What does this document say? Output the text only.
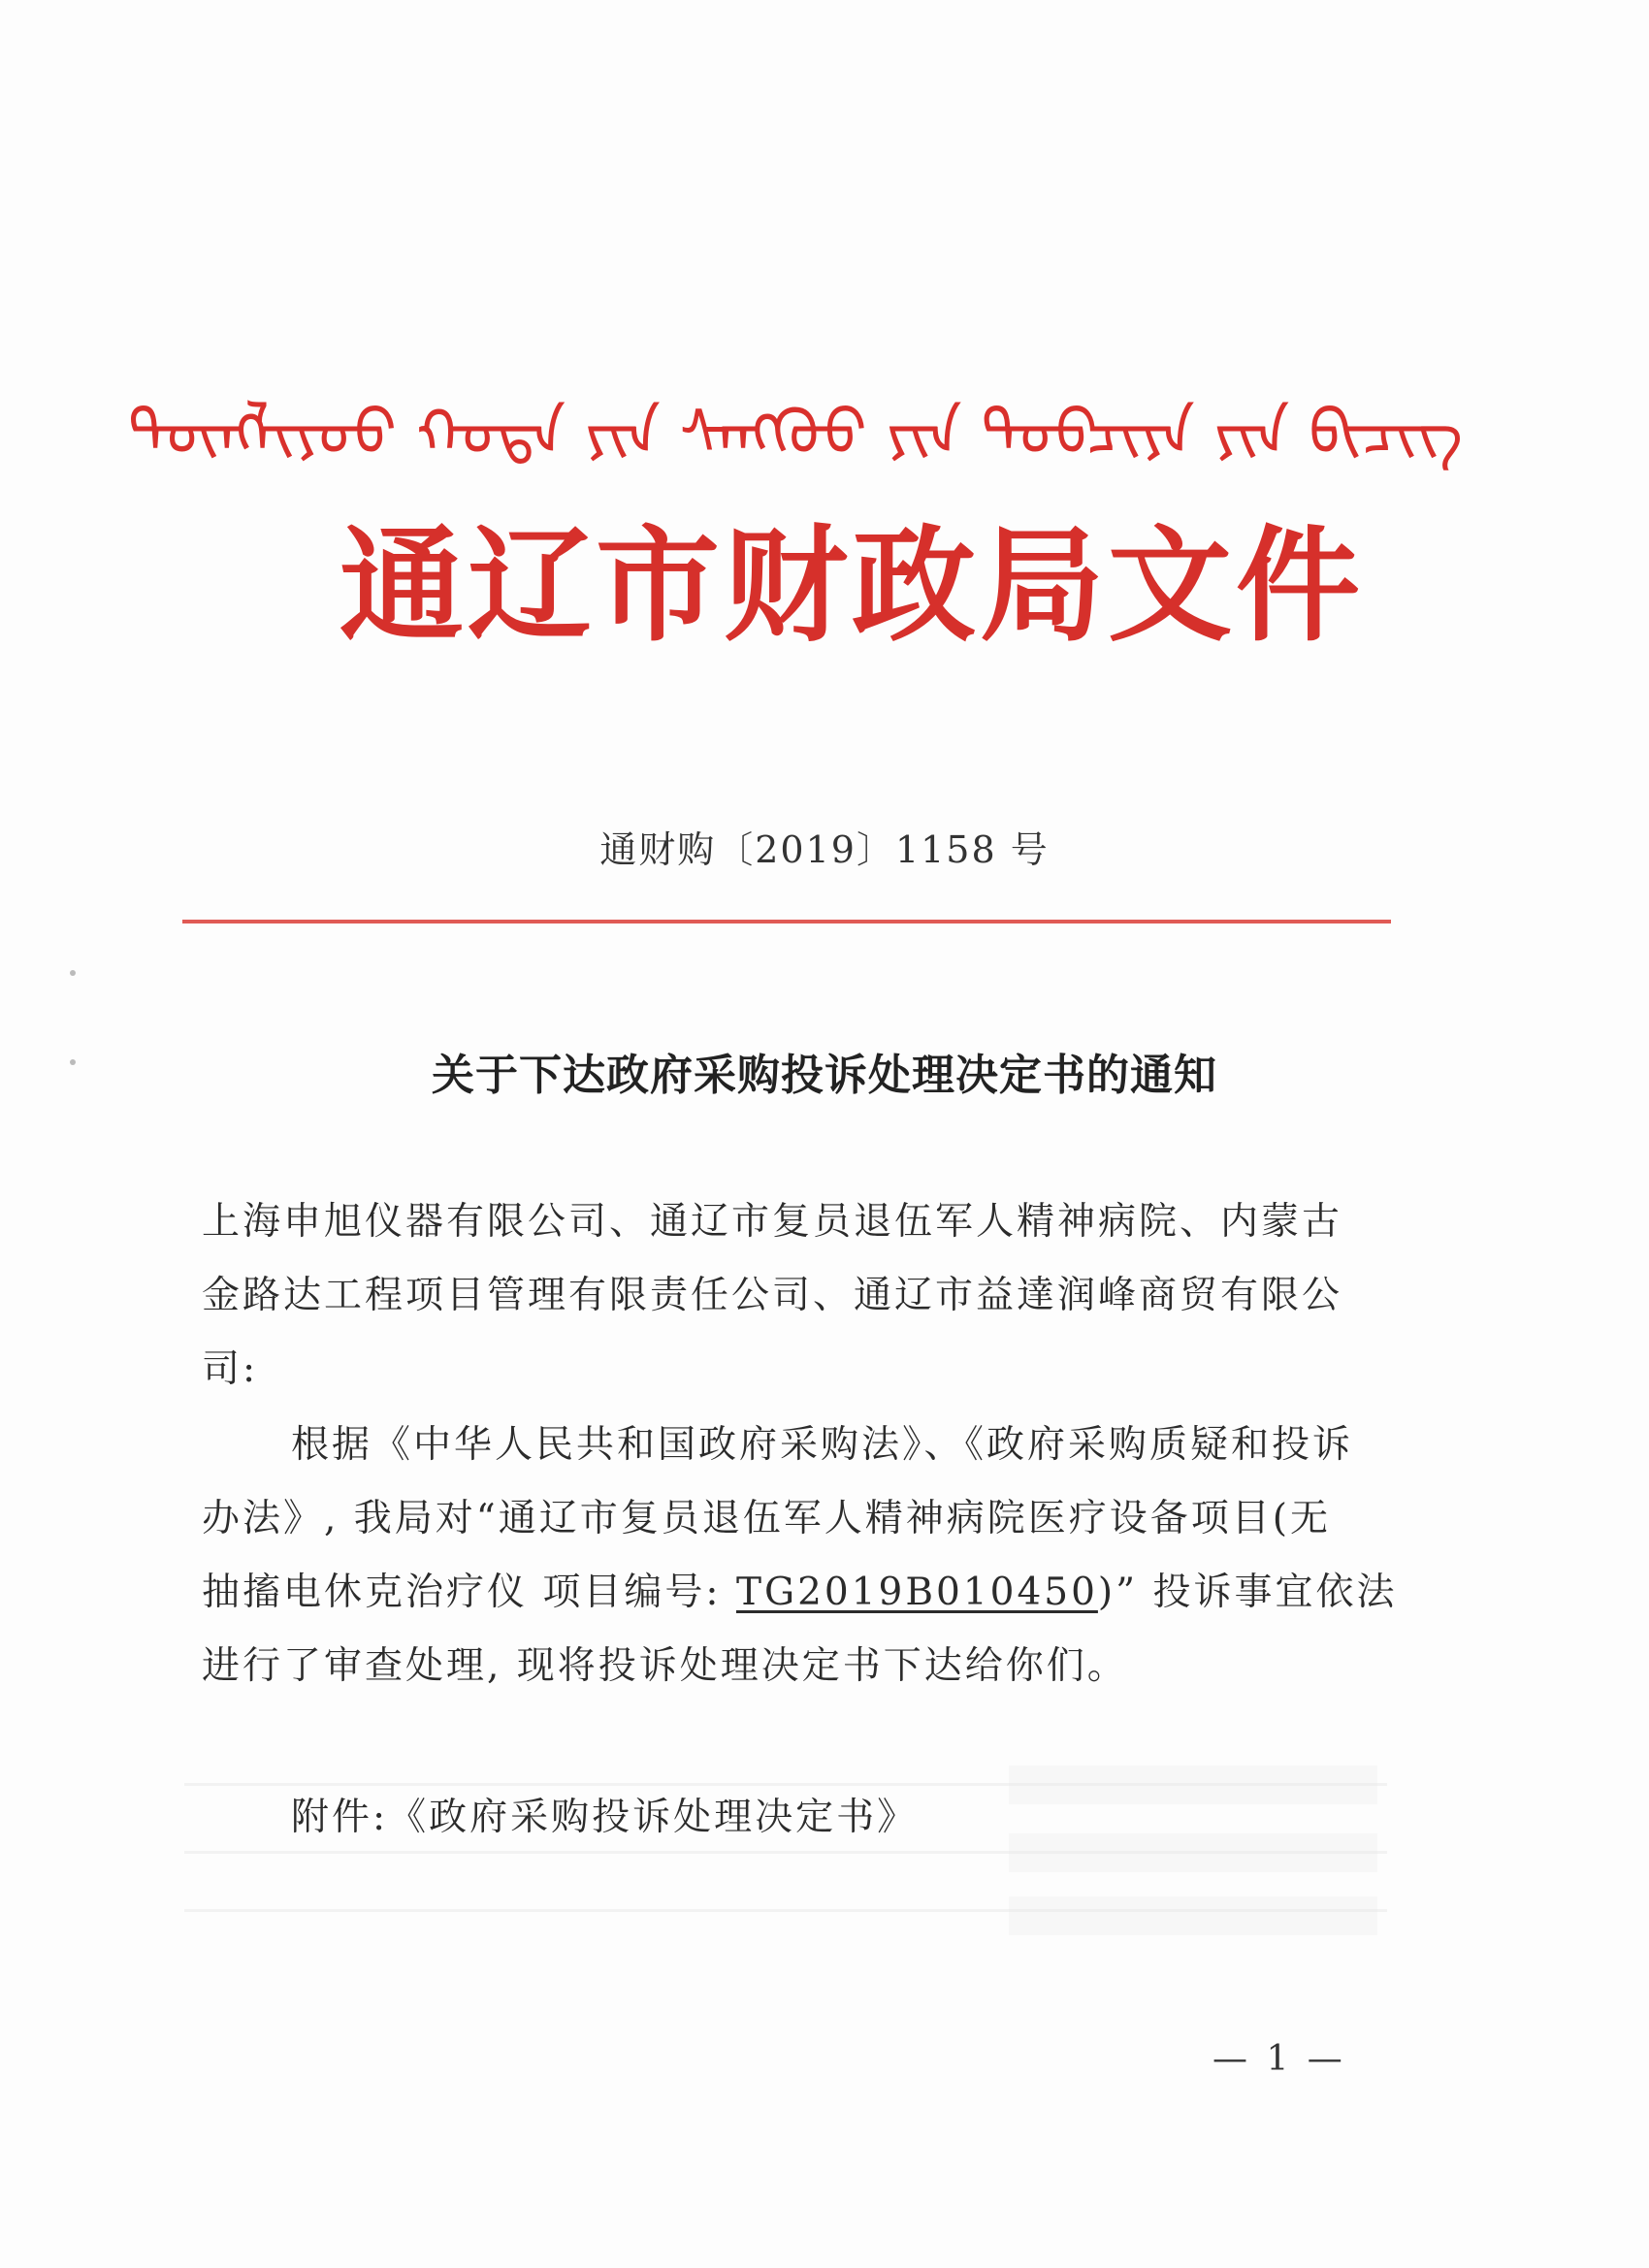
ᠲᠦᠩᠯᠢᠶᠣᠤ ᠬᠣᠲᠠ ᠶᠢᠨ ᠰᠠᠩᠬᠦᠦ ᠶᠢᠨ ᠲᠣᠪᠴᠢᠶᠠ ᠶᠢᠨ ᠪᠢᠴᠢᠭ
通辽市财政局文件
通财购〔2019〕1158 号
关于下达政府采购投诉处理决定书的通知
上海申旭仪器有限公司、通辽市复员退伍军人精神病院、内蒙古
金路达工程项目管理有限责任公司、通辽市益達润峰商贸有限公
司:
根据《中华人民共和国政府采购法》、《政府采购质疑和投诉
办法》, 我局对“通辽市复员退伍军人精神病院医疗设备项目(无
抽搐电休克治疗仪 项目编号: TG2019B010450)” 投诉事宜依法
进行了审查处理, 现将投诉处理决定书下达给你们。
附件:《政府采购投诉处理决定书》
— 1 —
